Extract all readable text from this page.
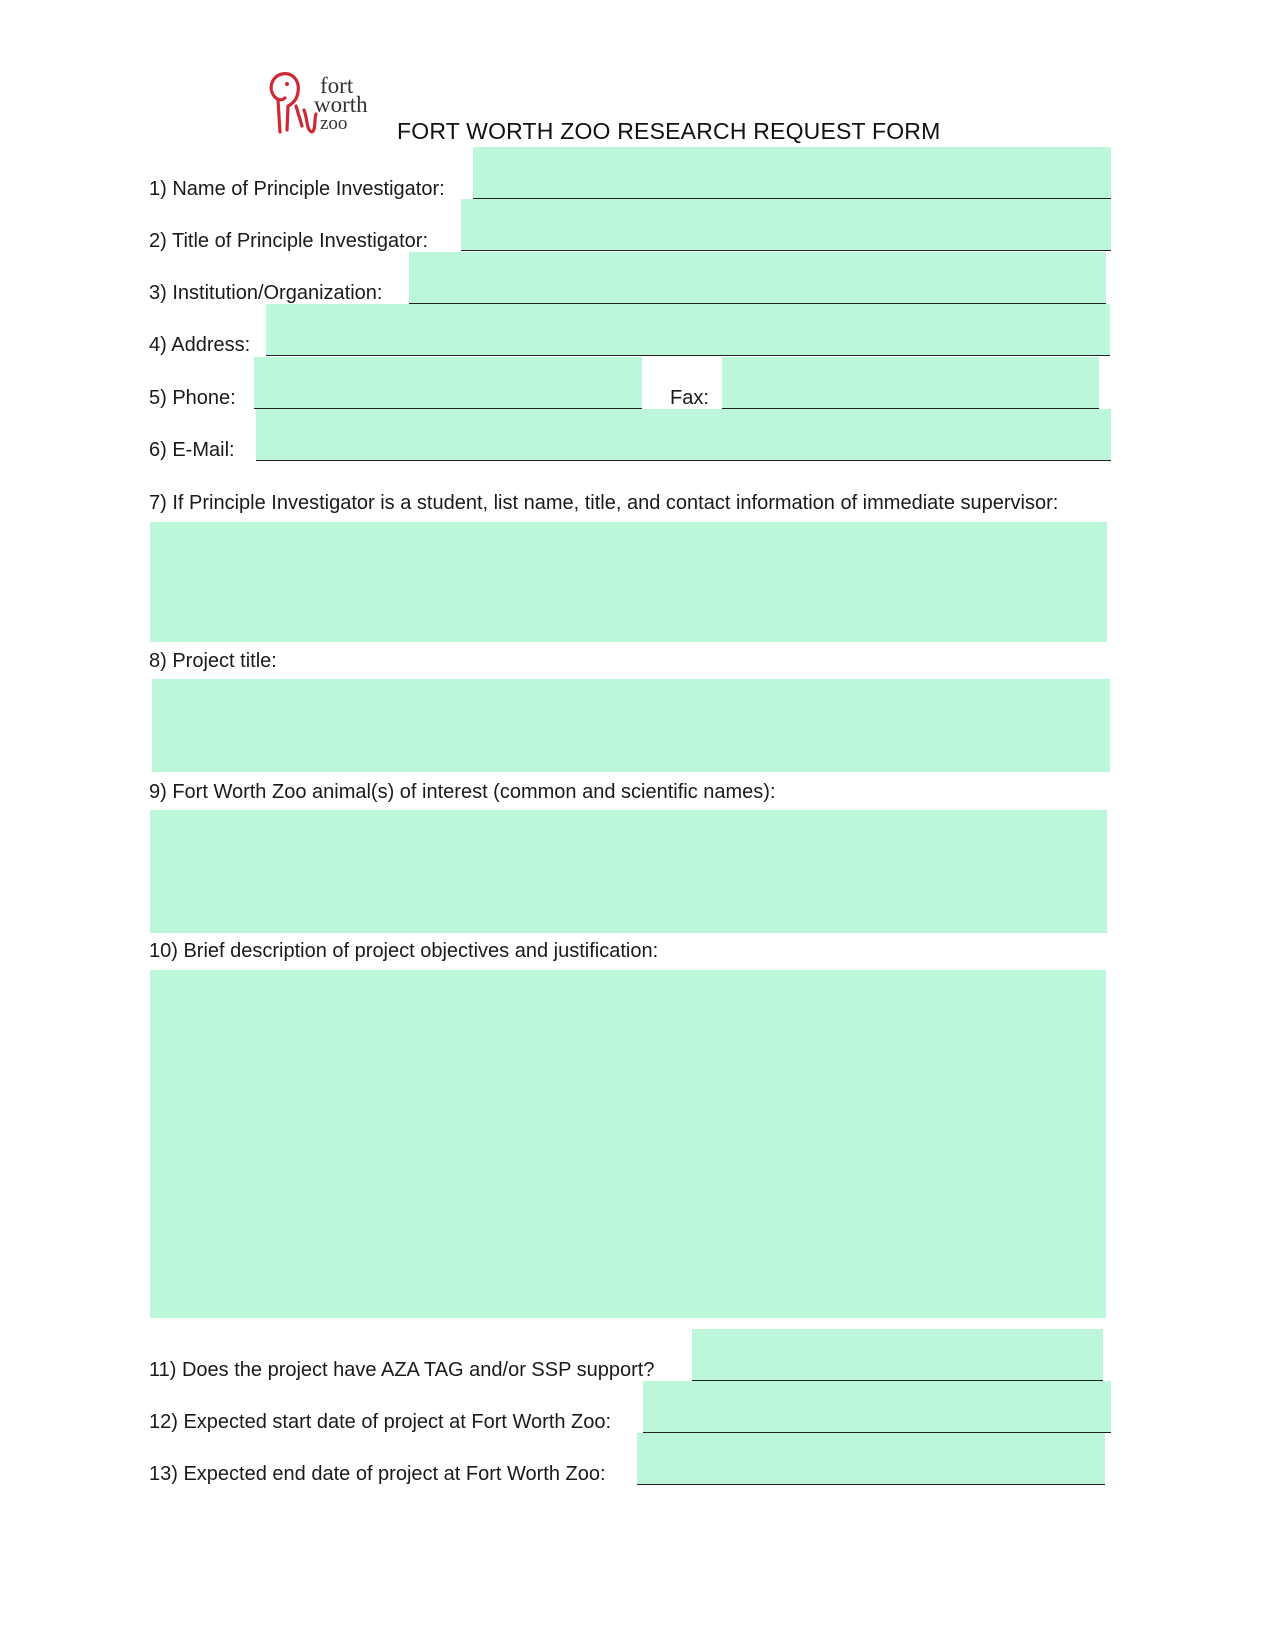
fort
worth
zoo FORT WORTH ZOO RESEARCH REQUEST FORM
1) Name of Principle Investigator:
2) Title of Principle Investigator:
3) Institution/Organization:
4) Address:
5) Phone:	Fax:
6) E-Mail:
7) If Principle Investigator is a student, list name, title, and contact information of immediate supervisor:
8) Project title:
9) Fort Worth Zoo animal(s) of interest (common and scientific names):
10) Brief description of project objectives and justification:
11) Does the project have AZA TAG and/or SSP support?
12) Expected start date of project at Fort Worth Zoo:
13) Expected end date of project at Fort Worth Zoo:
